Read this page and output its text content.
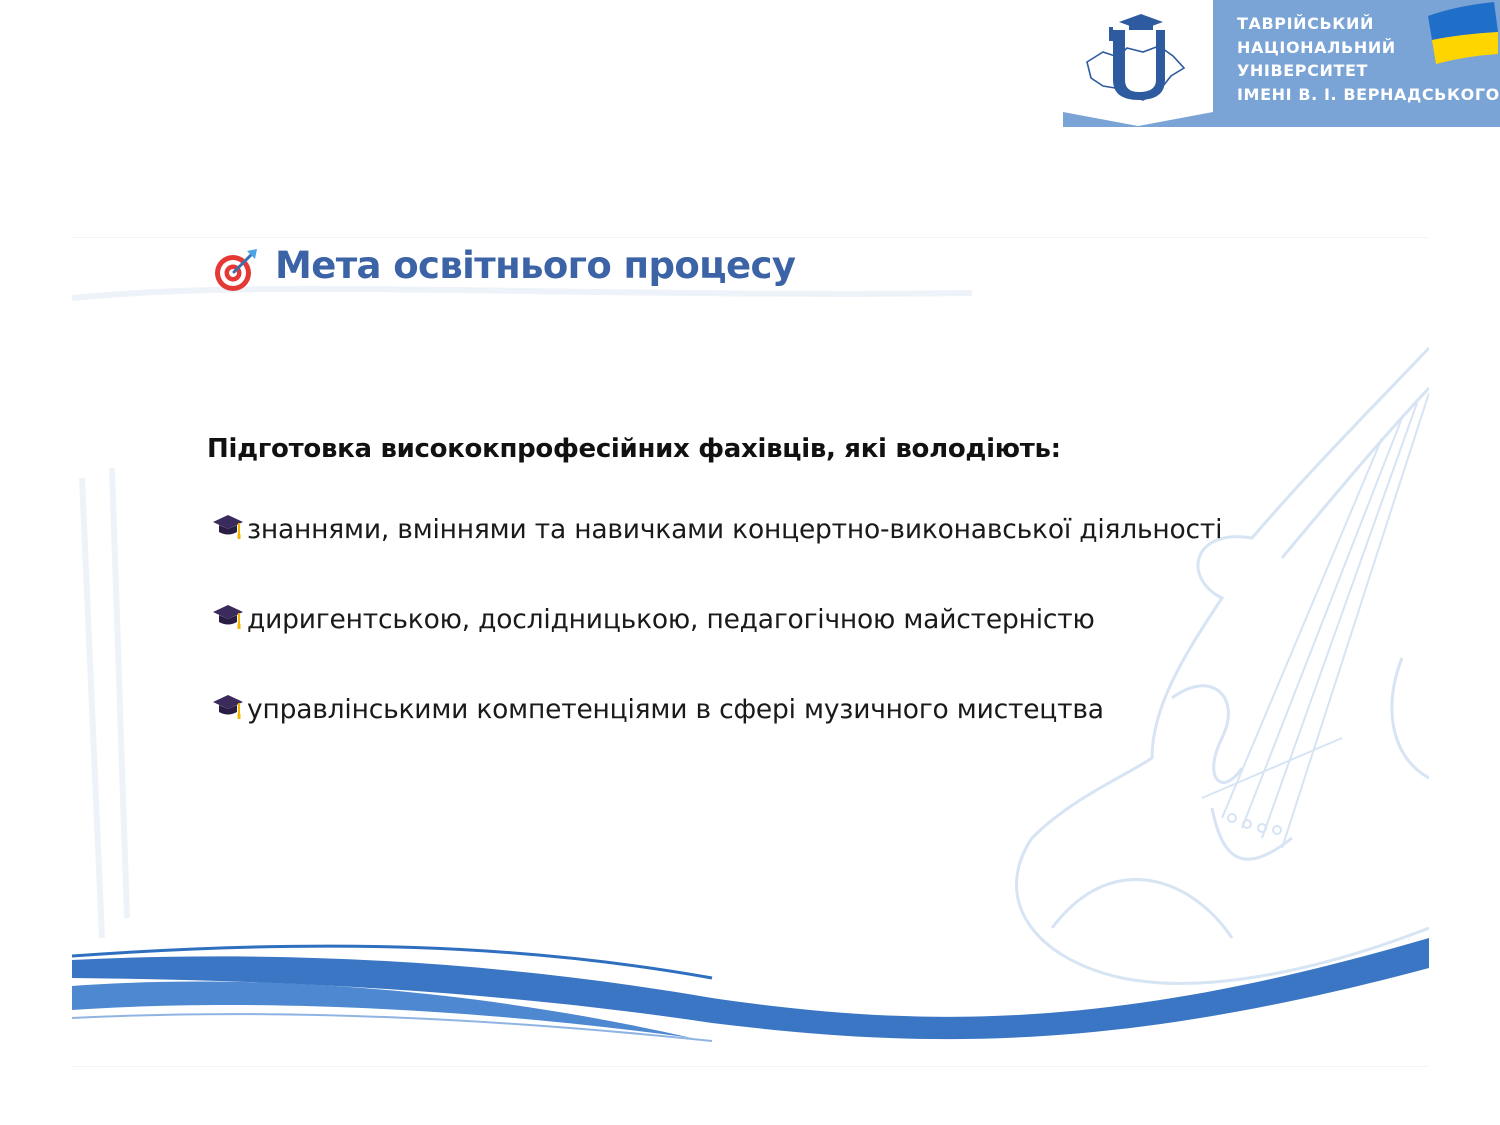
ТАВРІЙСЬКИЙ
НАЦІОНАЛЬНИЙ
УНІВЕРСИТЕТ
ІМЕНІ В. І. ВЕРНАДСЬКОГО
Мета освітнього процесу
Підготовка висококпрофесійних фахівців, які володіють:
знаннями, вміннями та навичками концертно-виконавської діяльності
диригентською, дослідницькою, педагогічною майстерністю
управлінськими компетенціями в сфері музичного мистецтва
